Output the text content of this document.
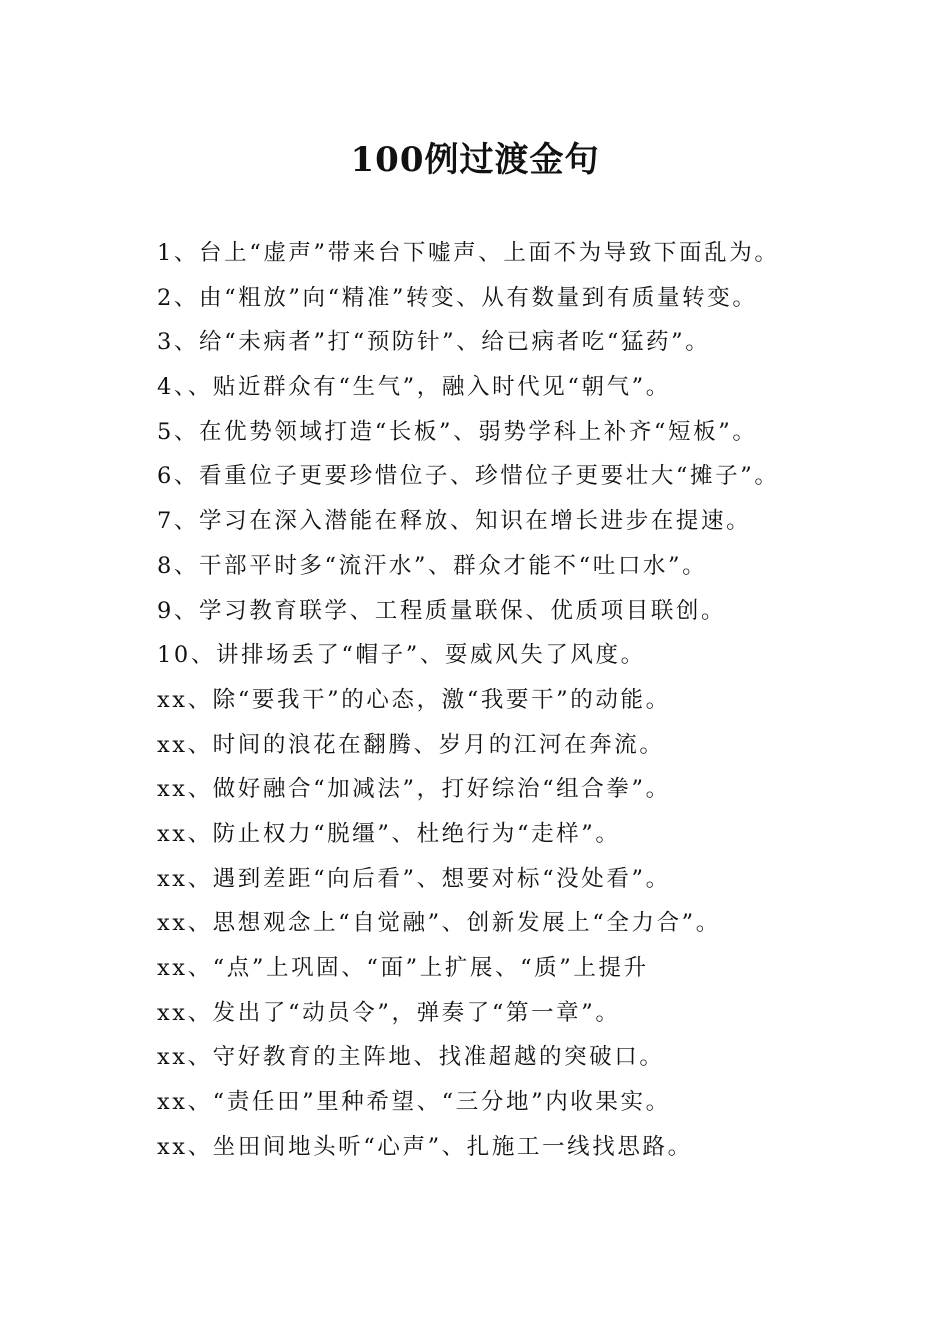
100例过渡金句
1、台上“虚声”带来台下嘘声、上面不为导致下面乱为。
2、由“粗放”向“精准”转变、从有数量到有质量转变。
3、给“未病者”打“预防针”、给已病者吃“猛药”。
4、、贴近群众有“生气”，融入时代见“朝气”。
5、在优势领域打造“长板”、弱势学科上补齐“短板”。
6、看重位子更要珍惜位子、珍惜位子更要壮大“摊子”。
7、学习在深入潜能在释放、知识在增长进步在提速。
8、干部平时多“流汗水”、群众才能不“吐口水”。
9、学习教育联学、工程质量联保、优质项目联创。
10、讲排场丢了“帽子”、耍威风失了风度。
xx、除“要我干”的心态，激“我要干”的动能。
xx、时间的浪花在翻腾、岁月的江河在奔流。
xx、做好融合“加减法”，打好综治“组合拳”。
xx、防止权力“脱缰”、杜绝行为“走样”。
xx、遇到差距“向后看”、想要对标“没处看”。
xx、思想观念上“自觉融”、创新发展上“全力合”。
xx、“点”上巩固、“面”上扩展、“质”上提升
xx、发出了“动员令”，弹奏了“第一章”。
xx、守好教育的主阵地、找准超越的突破口。
xx、“责任田”里种希望、“三分地”内收果实。
xx、坐田间地头听“心声”、扎施工一线找思路。
